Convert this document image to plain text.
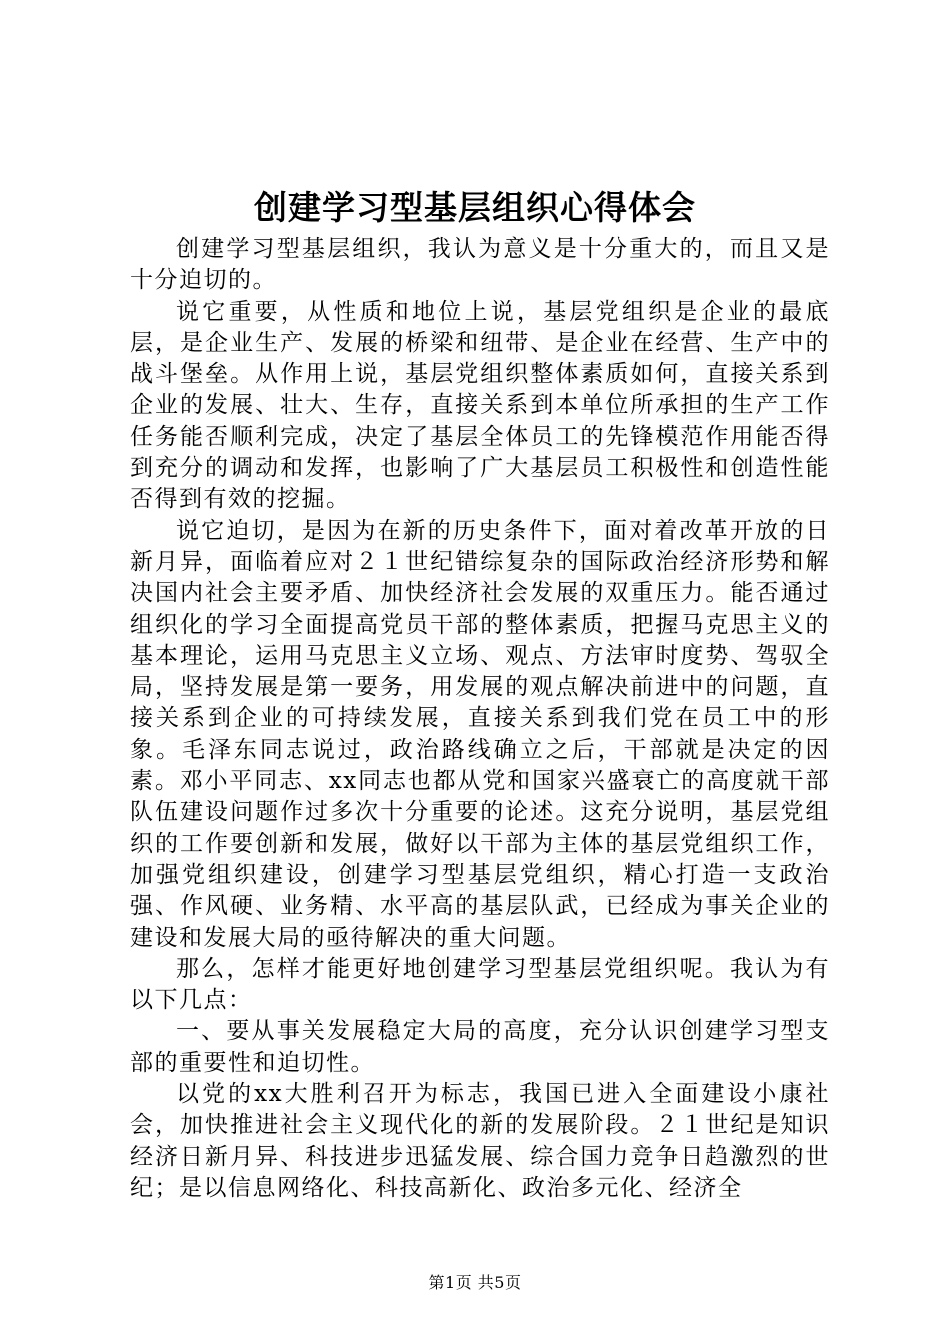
创建学习型基层组织心得体会

创建学习型基层组织，我认为意义是十分重大的，而且又是十分迫切的。

说它重要，从性质和地位上说，基层党组织是企业的最底层，是企业生产、发展的桥梁和纽带、是企业在经营、生产中的战斗堡垒。从作用上说，基层党组织整体素质如何，直接关系到企业的发展、壮大、生存，直接关系到本单位所承担的生产工作任务能否顺利完成，决定了基层全体员工的先锋模范作用能否得到充分的调动和发挥，也影响了广大基层员工积极性和创造性能否得到有效的挖掘。

说它迫切，是因为在新的历史条件下，面对着改革开放的日新月异，面临着应对２１世纪错综复杂的国际政治经济形势和解决国内社会主要矛盾、加快经济社会发展的双重压力。能否通过组织化的学习全面提高党员干部的整体素质，把握马克思主义的基本理论，运用马克思主义立场、观点、方法审时度势、驾驭全局，坚持发展是第一要务，用发展的观点解决前进中的问题，直接关系到企业的可持续发展，直接关系到我们党在员工中的形象。毛泽东同志说过，政治路线确立之后，干部就是决定的因素。邓小平同志、xx同志也都从党和国家兴盛衰亡的高度就干部队伍建设问题作过多次十分重要的论述。这充分说明，基层党组织的工作要创新和发展，做好以干部为主体的基层党组织工作，加强党组织建设，创建学习型基层党组织，精心打造一支政治强、作风硬、业务精、水平高的基层队武，已经成为事关企业的建设和发展大局的亟待解决的重大问题。

那么，怎样才能更好地创建学习型基层党组织呢。我认为有以下几点：

一、要从事关发展稳定大局的高度，充分认识创建学习型支部的重要性和迫切性。

以党的xx大胜利召开为标志，我国已进入全面建设小康社会，加快推进社会主义现代化的新的发展阶段。２１世纪是知识经济日新月异、科技进步迅猛发展、综合国力竞争日趋激烈的世纪；是以信息网络化、科技高新化、政治多元化、经济全

第1页 共5页
